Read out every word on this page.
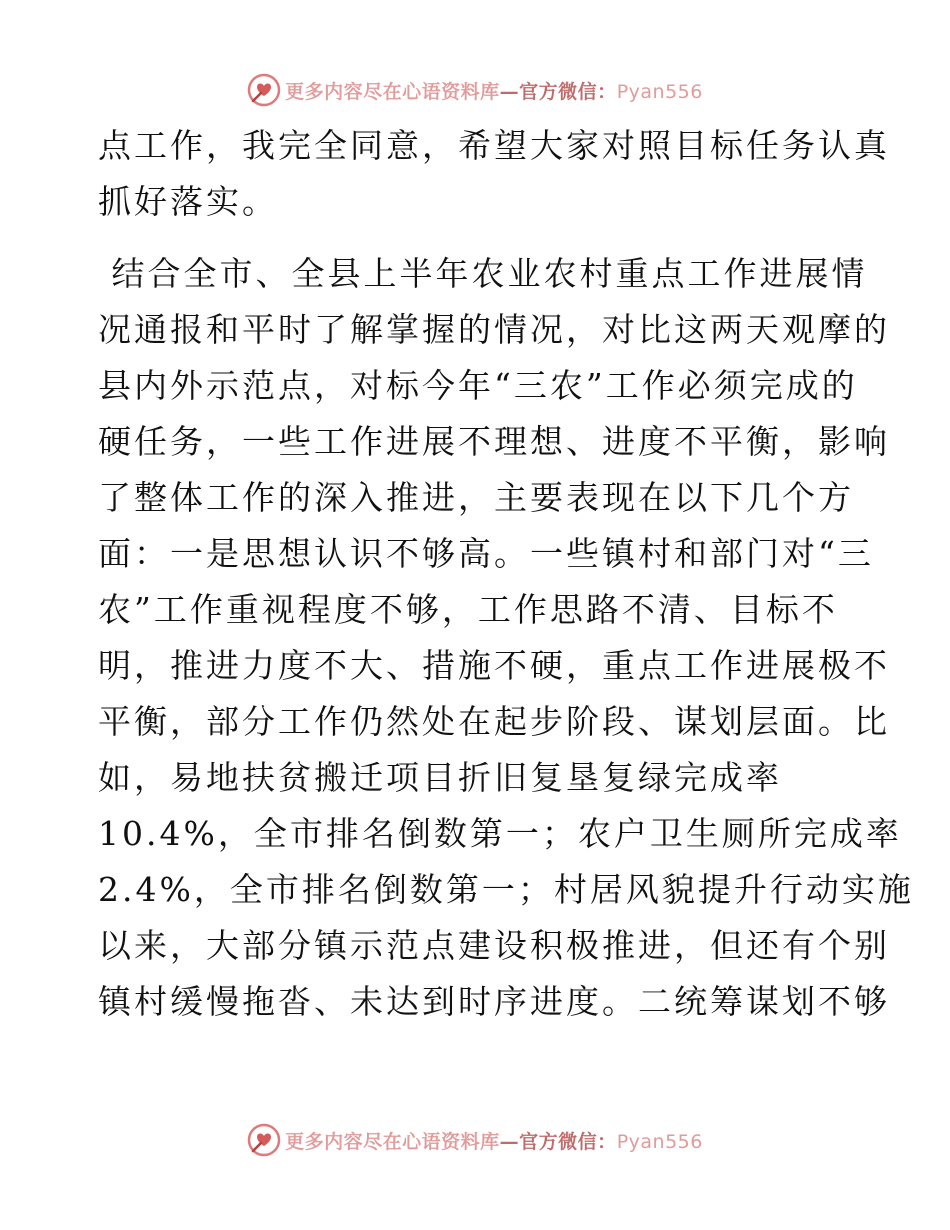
更多内容尽在心语资料库—官方微信：Pyan556

点工作，我完全同意，希望大家对照目标任务认真
抓好落实。

结合全市、全县上半年农业农村重点工作进展情
况通报和平时了解掌握的情况，对比这两天观摩的
县内外示范点，对标今年“三农”工作必须完成的
硬任务，一些工作进展不理想、进度不平衡，影响
了整体工作的深入推进，主要表现在以下几个方
面：一是思想认识不够高。一些镇村和部门对“三
农”工作重视程度不够，工作思路不清、目标不
明，推进力度不大、措施不硬，重点工作进展极不
平衡，部分工作仍然处在起步阶段、谋划层面。比
如，易地扶贫搬迁项目折旧复垦复绿完成率
10.4%，全市排名倒数第一；农户卫生厕所完成率
2.4%，全市排名倒数第一；村居风貌提升行动实施
以来，大部分镇示范点建设积极推进，但还有个别
镇村缓慢拖沓、未达到时序进度。二统筹谋划不够

更多内容尽在心语资料库—官方微信：Pyan556
